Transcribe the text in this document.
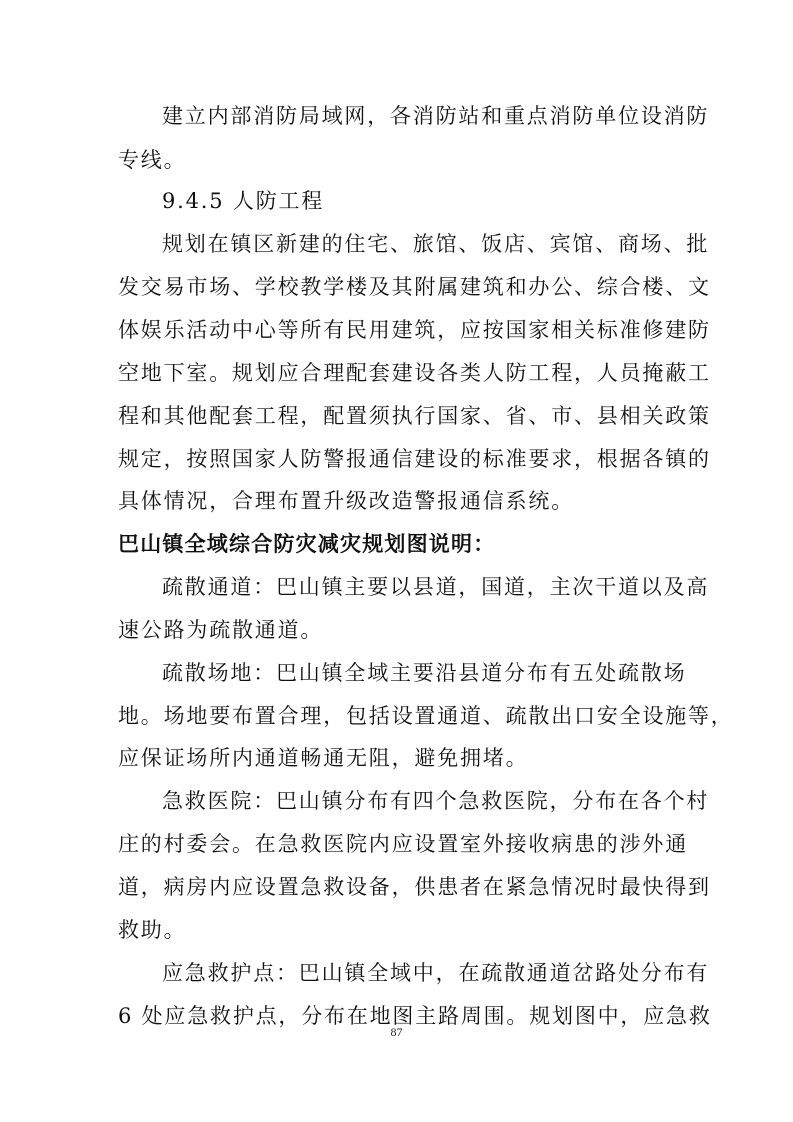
建立内部消防局域网，各消防站和重点消防单位设消防
专线。
9.4.5 人防工程
规划在镇区新建的住宅、旅馆、饭店、宾馆、商场、批
发交易市场、学校教学楼及其附属建筑和办公、综合楼、文
体娱乐活动中心等所有民用建筑，应按国家相关标准修建防
空地下室。规划应合理配套建设各类人防工程，人员掩蔽工
程和其他配套工程，配置须执行国家、省、市、县相关政策
规定，按照国家人防警报通信建设的标准要求，根据各镇的
具体情况，合理布置升级改造警报通信系统。
巴山镇全域综合防灾减灾规划图说明：
疏散通道：巴山镇主要以县道，国道，主次干道以及高
速公路为疏散通道。
疏散场地：巴山镇全域主要沿县道分布有五处疏散场
地。场地要布置合理，包括设置通道、疏散出口安全设施等，
应保证场所内通道畅通无阻，避免拥堵。
急救医院：巴山镇分布有四个急救医院，分布在各个村
庄的村委会。在急救医院内应设置室外接收病患的涉外通
道，病房内应设置急救设备，供患者在紧急情况时最快得到
救助。
应急救护点：巴山镇全域中，在疏散通道岔路处分布有
6 处应急救护点，分布在地图主路周围。规划图中，应急救
87
